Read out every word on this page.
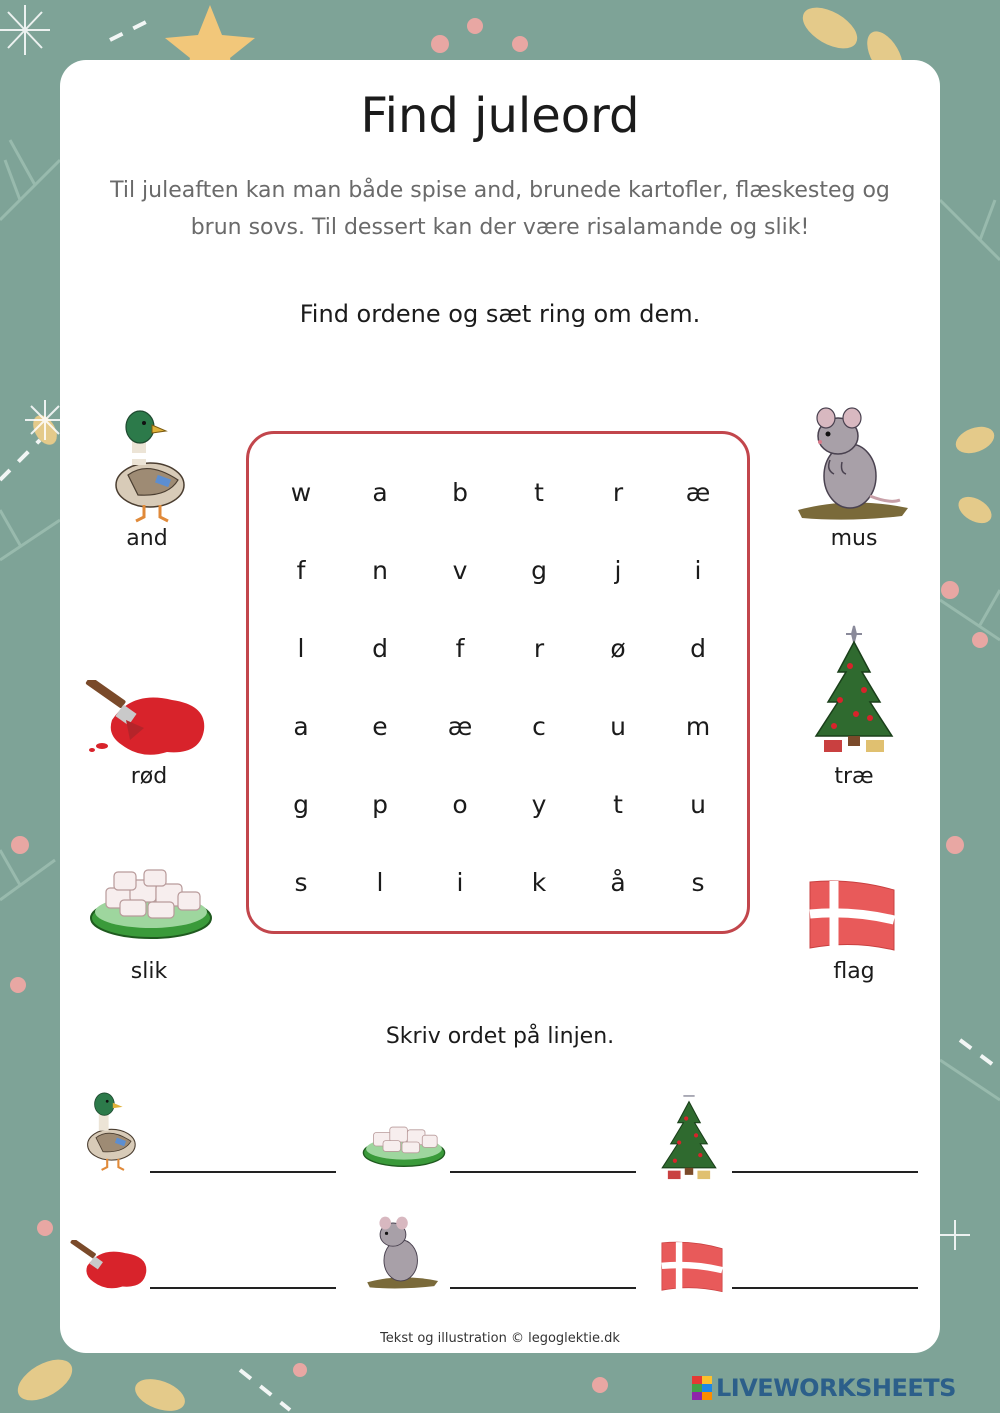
Find juleord
Til juleaften kan man både spise and, brunede kartofler, flæskesteg og
brun sovs. Til dessert kan der være risalamande og slik!
Find ordene og sæt ring om dem.
and
rød
slik
mus
træ
flag
w	a	b	t	r	æ
f	n	v	g	j	i
l	d	f	r	ø	d
a	e	æ	c	u	m
g	p	o	y	t	u
s	l	i	k	å	s
Skriv ordet på linjen.
Tekst og illustration © legoglektie.dk
LIVEWORKSHEETS
